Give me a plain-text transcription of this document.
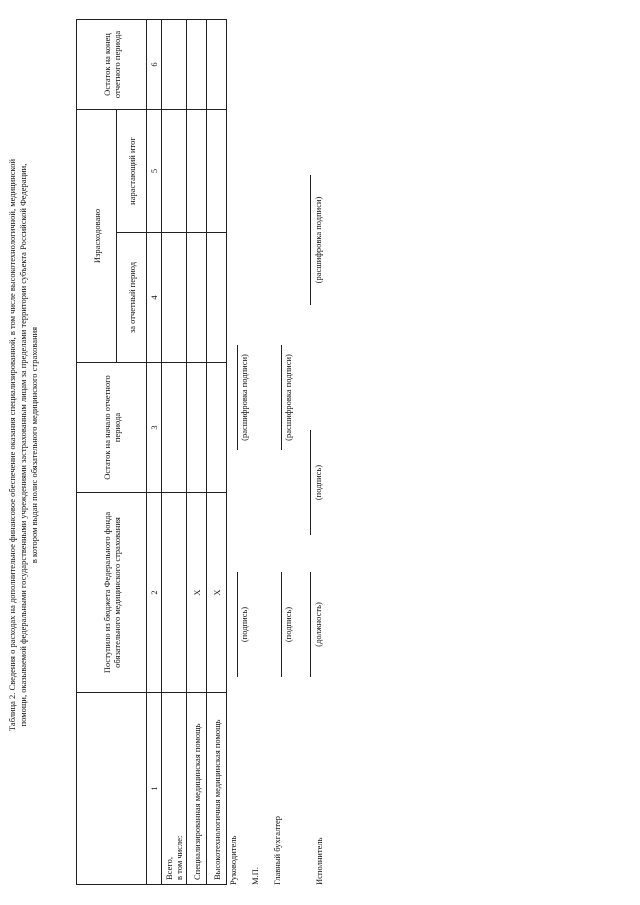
Таблица 2. Сведения о расходах на дополнительное финансовое обеспечение оказания специализированной, в том числе высокотехнологичной, медицинской помощи, оказываемой федеральными государственными учреждениями застрахованным лицам за пределами территории субъекта Российской Федерации, в котором выдан полис обязательного медицинского страхования
	Поступило из бюджета Федерального фонда обязательного медицинского страхования	Остаток на начало отчетного периода	Израсходовано		Остаток на конец отчетного периода
			за отчетный период	нарастающий итог	
1	2	3	4	5	6

Всего, в том числе:					

Специализированная медицинская помощь	X				
Высокотехнологичная медицинская помощь	X				
Руководитель
(подпись)
(расшифровка подписи)
М.П. Главный бухгалтер
(подпись)
(расшифровка подписи)
Исполнитель
(должность)
(подпись)
(расшифровка подписи)
